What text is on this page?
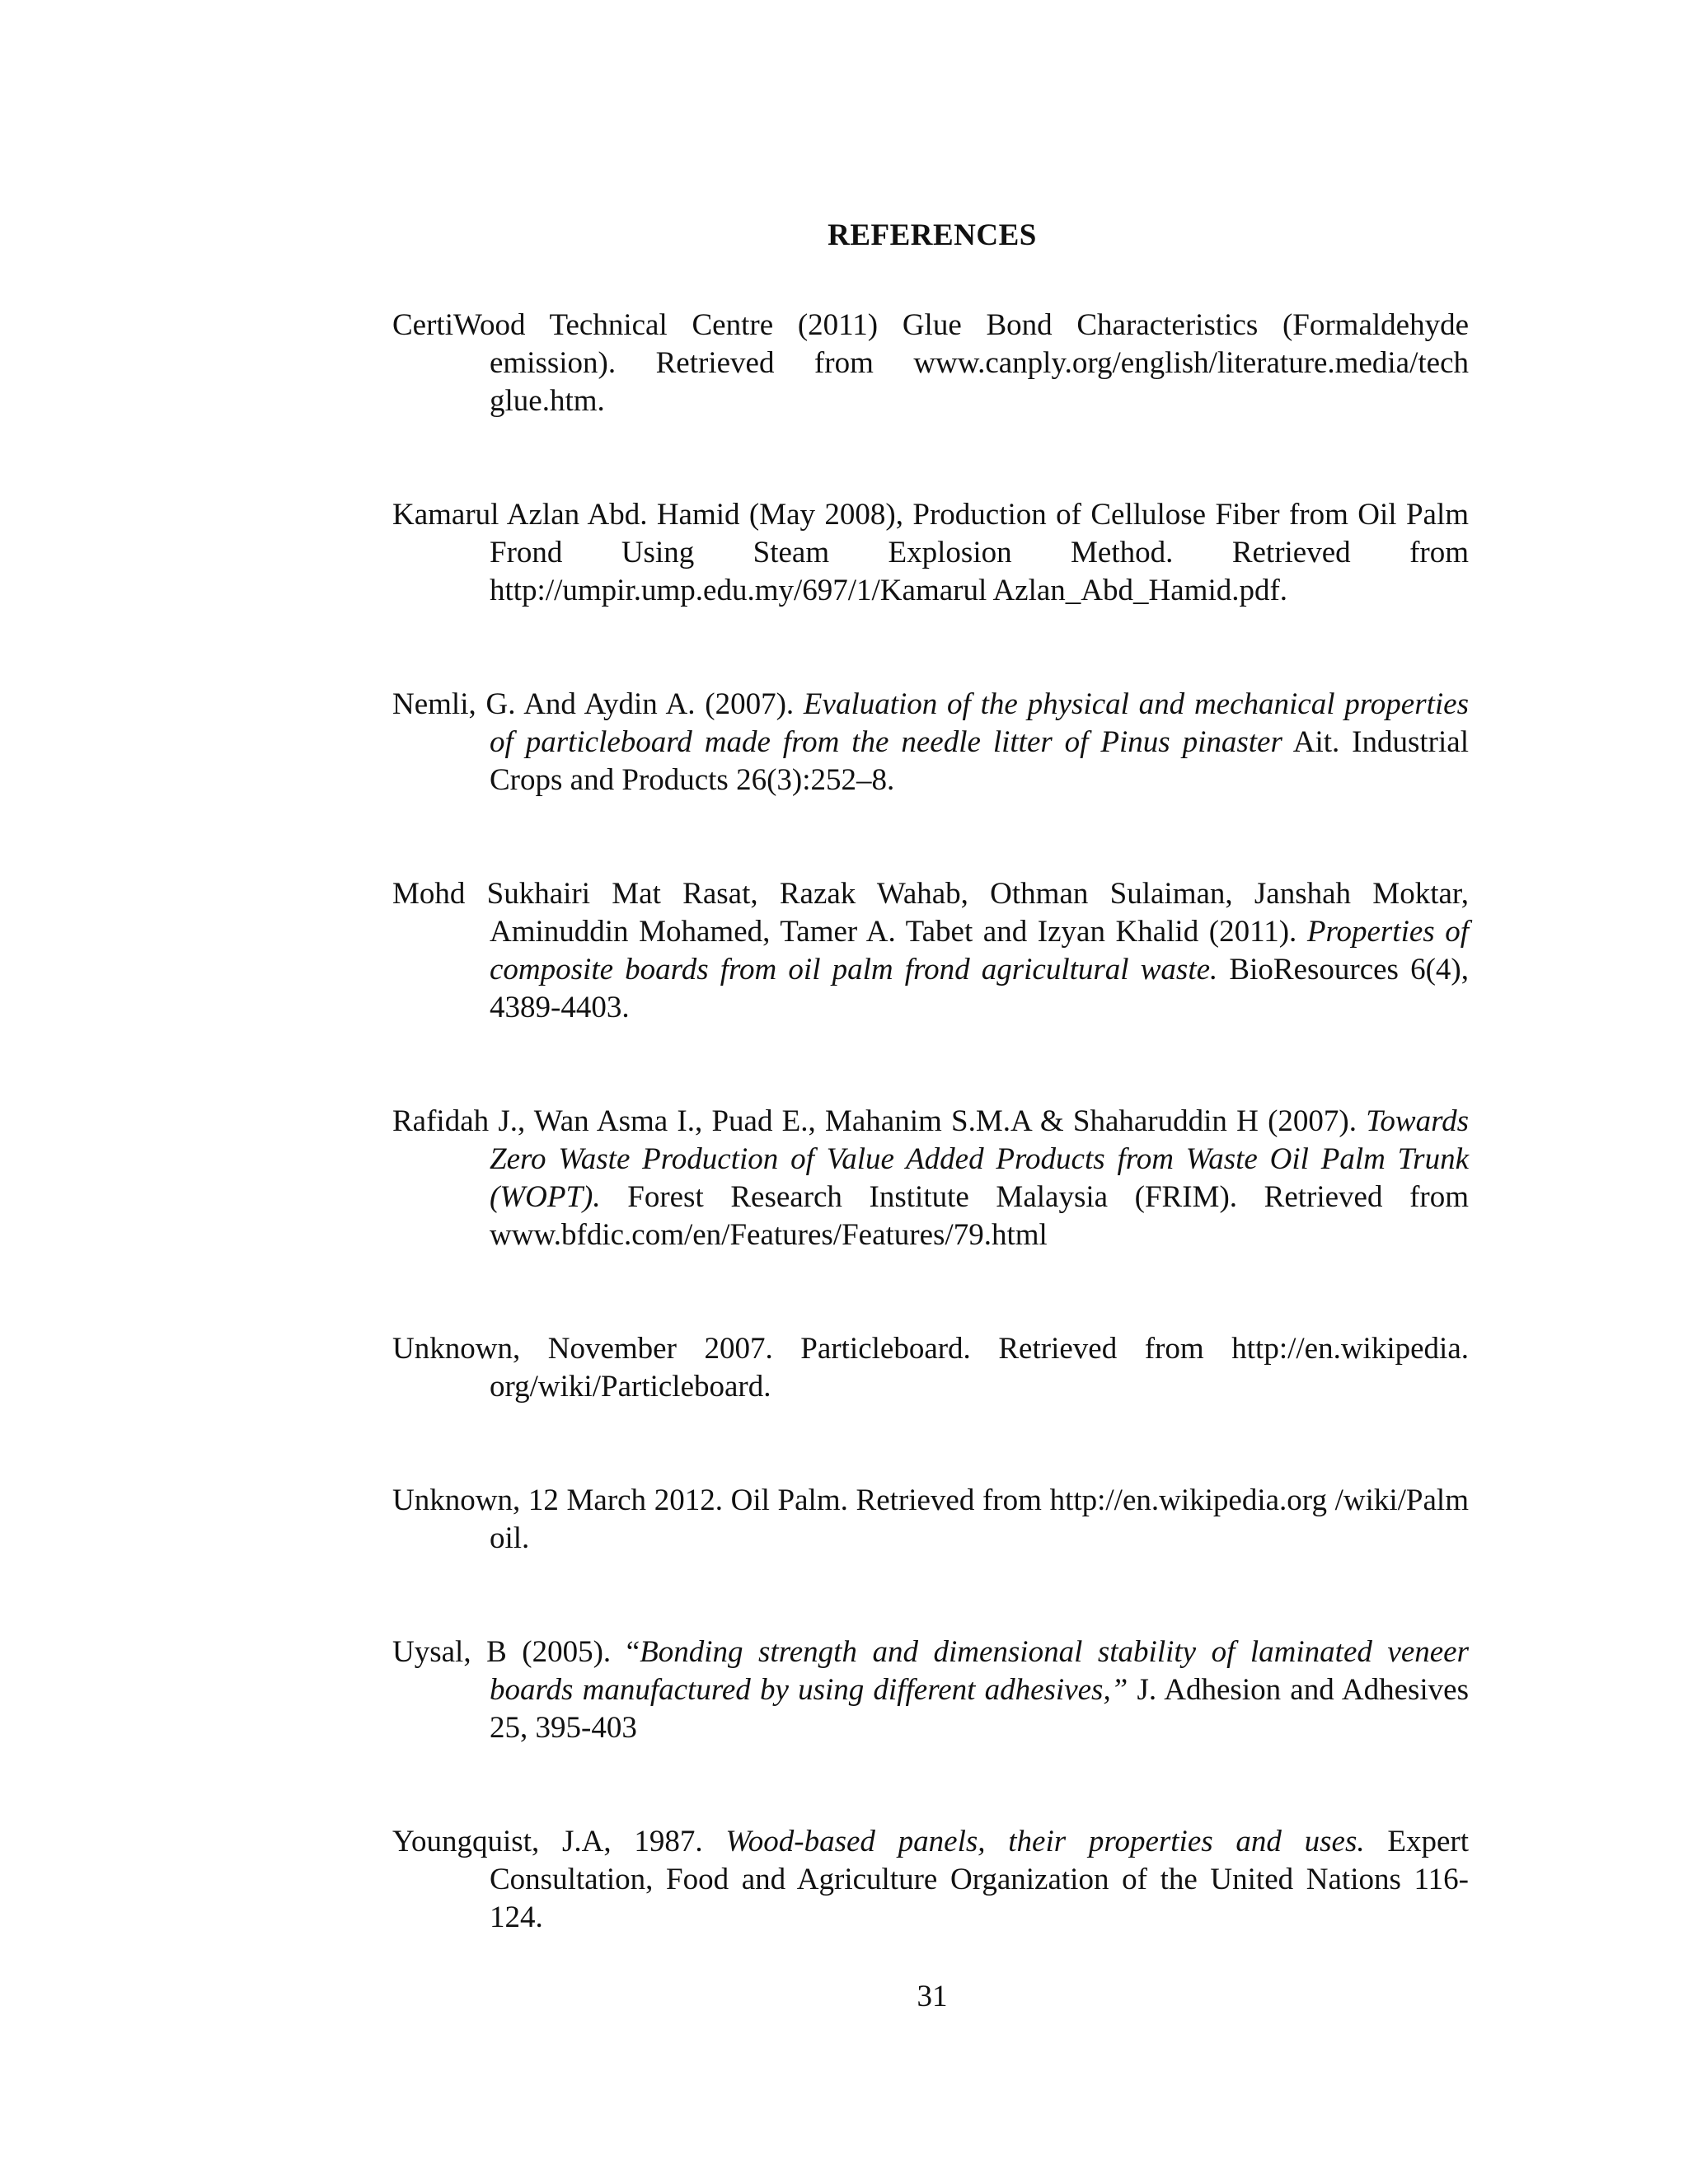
REFERENCES
CertiWood Technical Centre (2011) Glue Bond Characteristics (Formaldehyde emission). Retrieved from www.canply.org/english/literature.media/tech glue.htm.
Kamarul Azlan Abd. Hamid (May 2008), Production of Cellulose Fiber from Oil Palm Frond Using Steam Explosion Method. Retrieved from http://umpir.ump.edu.my/697/1/Kamarul Azlan_Abd_Hamid.pdf.
Nemli, G. And Aydin A. (2007). Evaluation of the physical and mechanical properties of particleboard made from the needle litter of Pinus pinaster Ait. Industrial Crops and Products 26(3):252–8.
Mohd Sukhairi Mat Rasat, Razak Wahab, Othman Sulaiman, Janshah Moktar, Aminuddin Mohamed, Tamer A. Tabet and Izyan Khalid (2011). Properties of composite boards from oil palm frond agricultural waste. BioResources 6(4), 4389-4403.
Rafidah J., Wan Asma I., Puad E., Mahanim S.M.A & Shaharuddin H (2007). Towards Zero Waste Production of Value Added Products from Waste Oil Palm Trunk (WOPT). Forest Research Institute Malaysia (FRIM). Retrieved from www.bfdic.com/en/Features/Features/79.html
Unknown, November 2007. Particleboard. Retrieved from http://en.wikipedia. org/wiki/Particleboard.
Unknown, 12 March 2012. Oil Palm. Retrieved from http://en.wikipedia.org /wiki/Palm oil.
Uysal, B (2005). “Bonding strength and dimensional stability of laminated veneer boards manufactured by using different adhesives,” J. Adhesion and Adhesives 25, 395-403
Youngquist, J.A, 1987. Wood-based panels, their properties and uses. Expert Consultation, Food and Agriculture Organization of the United Nations 116-124.
31
